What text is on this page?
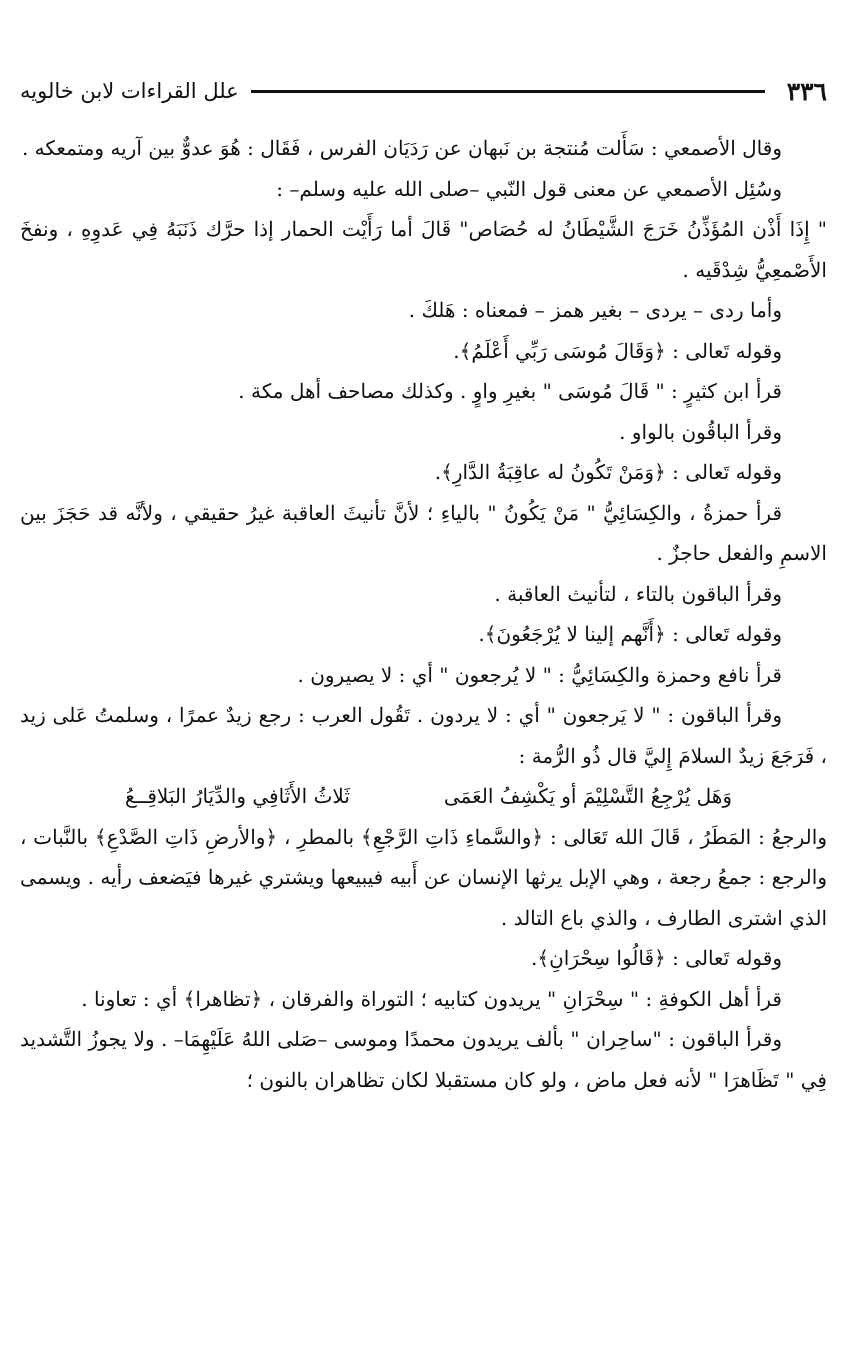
٣٣٦
علل القراءات لابن خالويه

وقال الأصمعي : سَأَلت مُنتجة بن نَبهان عن رَدَيَان الفرس ، فَقَال : هُوَ عدوٌّ بين آريه ومتمعكه .

وسُئِل الأصمعي عن معنى قول النّبي –صلى الله عليه وسلم– :

" إِذَا أَذْن المُؤَذِّنُ خَرَجَ الشَّيْطَانُ له حُصَاص" قَالَ أما رَأَيْت الحمار إذا حرَّك ذَنَبَهُ فِي عَدوِهِ ، ونفخَ الأَصْمعِيُّ شِدْقَيه .

وأما ردى – يردى – بغير همز – فمعناه : هَلكَ .

وقوله تَعالى : ﴿وَقَالَ مُوسَى رَبِّي أَعْلَمُ﴾.

قرأ ابن كثيرٍ : " قَالَ مُوسَى " بغيرِ واوٍ . وكذلك مصاحف أهل مكة .

وقرأ الباقُون بالواو .

وقوله تَعالى : ﴿وَمَنْ تَكُونُ له عاقِبَةُ الدَّارِ﴾.

قرأ حمزةُ ، والكِسَائِيُّ " مَنْ يَكُونُ " بالياءِ ؛ لأنَّ تأنيثَ العاقبة غيرُ حقيقي ، ولأنَّه قد حَجَزَ بين الاسمِ والفعل حاجزٌ .

وقرأ الباقون بالتاء ، لتأنيث العاقبة .

وقوله تَعالى : ﴿أَنَّهم إلينا لا يُرْجَعُونَ﴾.

قرأ نافع وحمزة والكِسَائِيُّ : " لا يُرجعون " أي : لا يصيرون .

وقرأ الباقون : " لا يَرجعون " أي : لا يردون . تَقُول العرب : رجع زيدٌ عمرًا ، وسلمتُ عَلى زيد ، فَرَجَعَ زيدٌ السلامَ إِليَّ قال ذُو الرُّمة :

وَهَل يُرْجِعُ التَّسْلِيْمَ أو يَكْشِفُ العَمَى
ثَلاثُ الأَثَافِي والدِّيَارُ البَلاقِــعُ

والرجعُ : المَطَرُ ، قَالَ الله تَعَالى : ﴿والسَّماءِ ذَاتِ الرَّجْعِ﴾ بالمطرِ ، ﴿والأرضِ ذَاتِ الصَّدْعِ﴾ بالنَّبات ، والرجع : جمعُ رجعة ، وهي الإبل يرثها الإنسان عن أَبيه فيبيعها ويشتري غيرها فيَضعف رأيه . ويسمى الذي اشترى الطارف ، والذي باع التالد .

وقوله تَعالى : ﴿قَالُوا سِحْرَانِ﴾.

قرأ أهل الكوفةِ : " سِحْرَانِ " يريدون كتابيه ؛ التوراة والفرقان ، ﴿تظاهرا﴾ أي : تعاونا .

وقرأ الباقون : "ساحِران " بألف يريدون محمدًا وموسى –صَلى اللهُ عَلَيْهِمَا– . ولا يجوزُ التَّشديد فِي " تَظَاهرَا " لأنه فعل ماض ، ولو كان مستقبلا لكان تظاهران بالنون ؛
